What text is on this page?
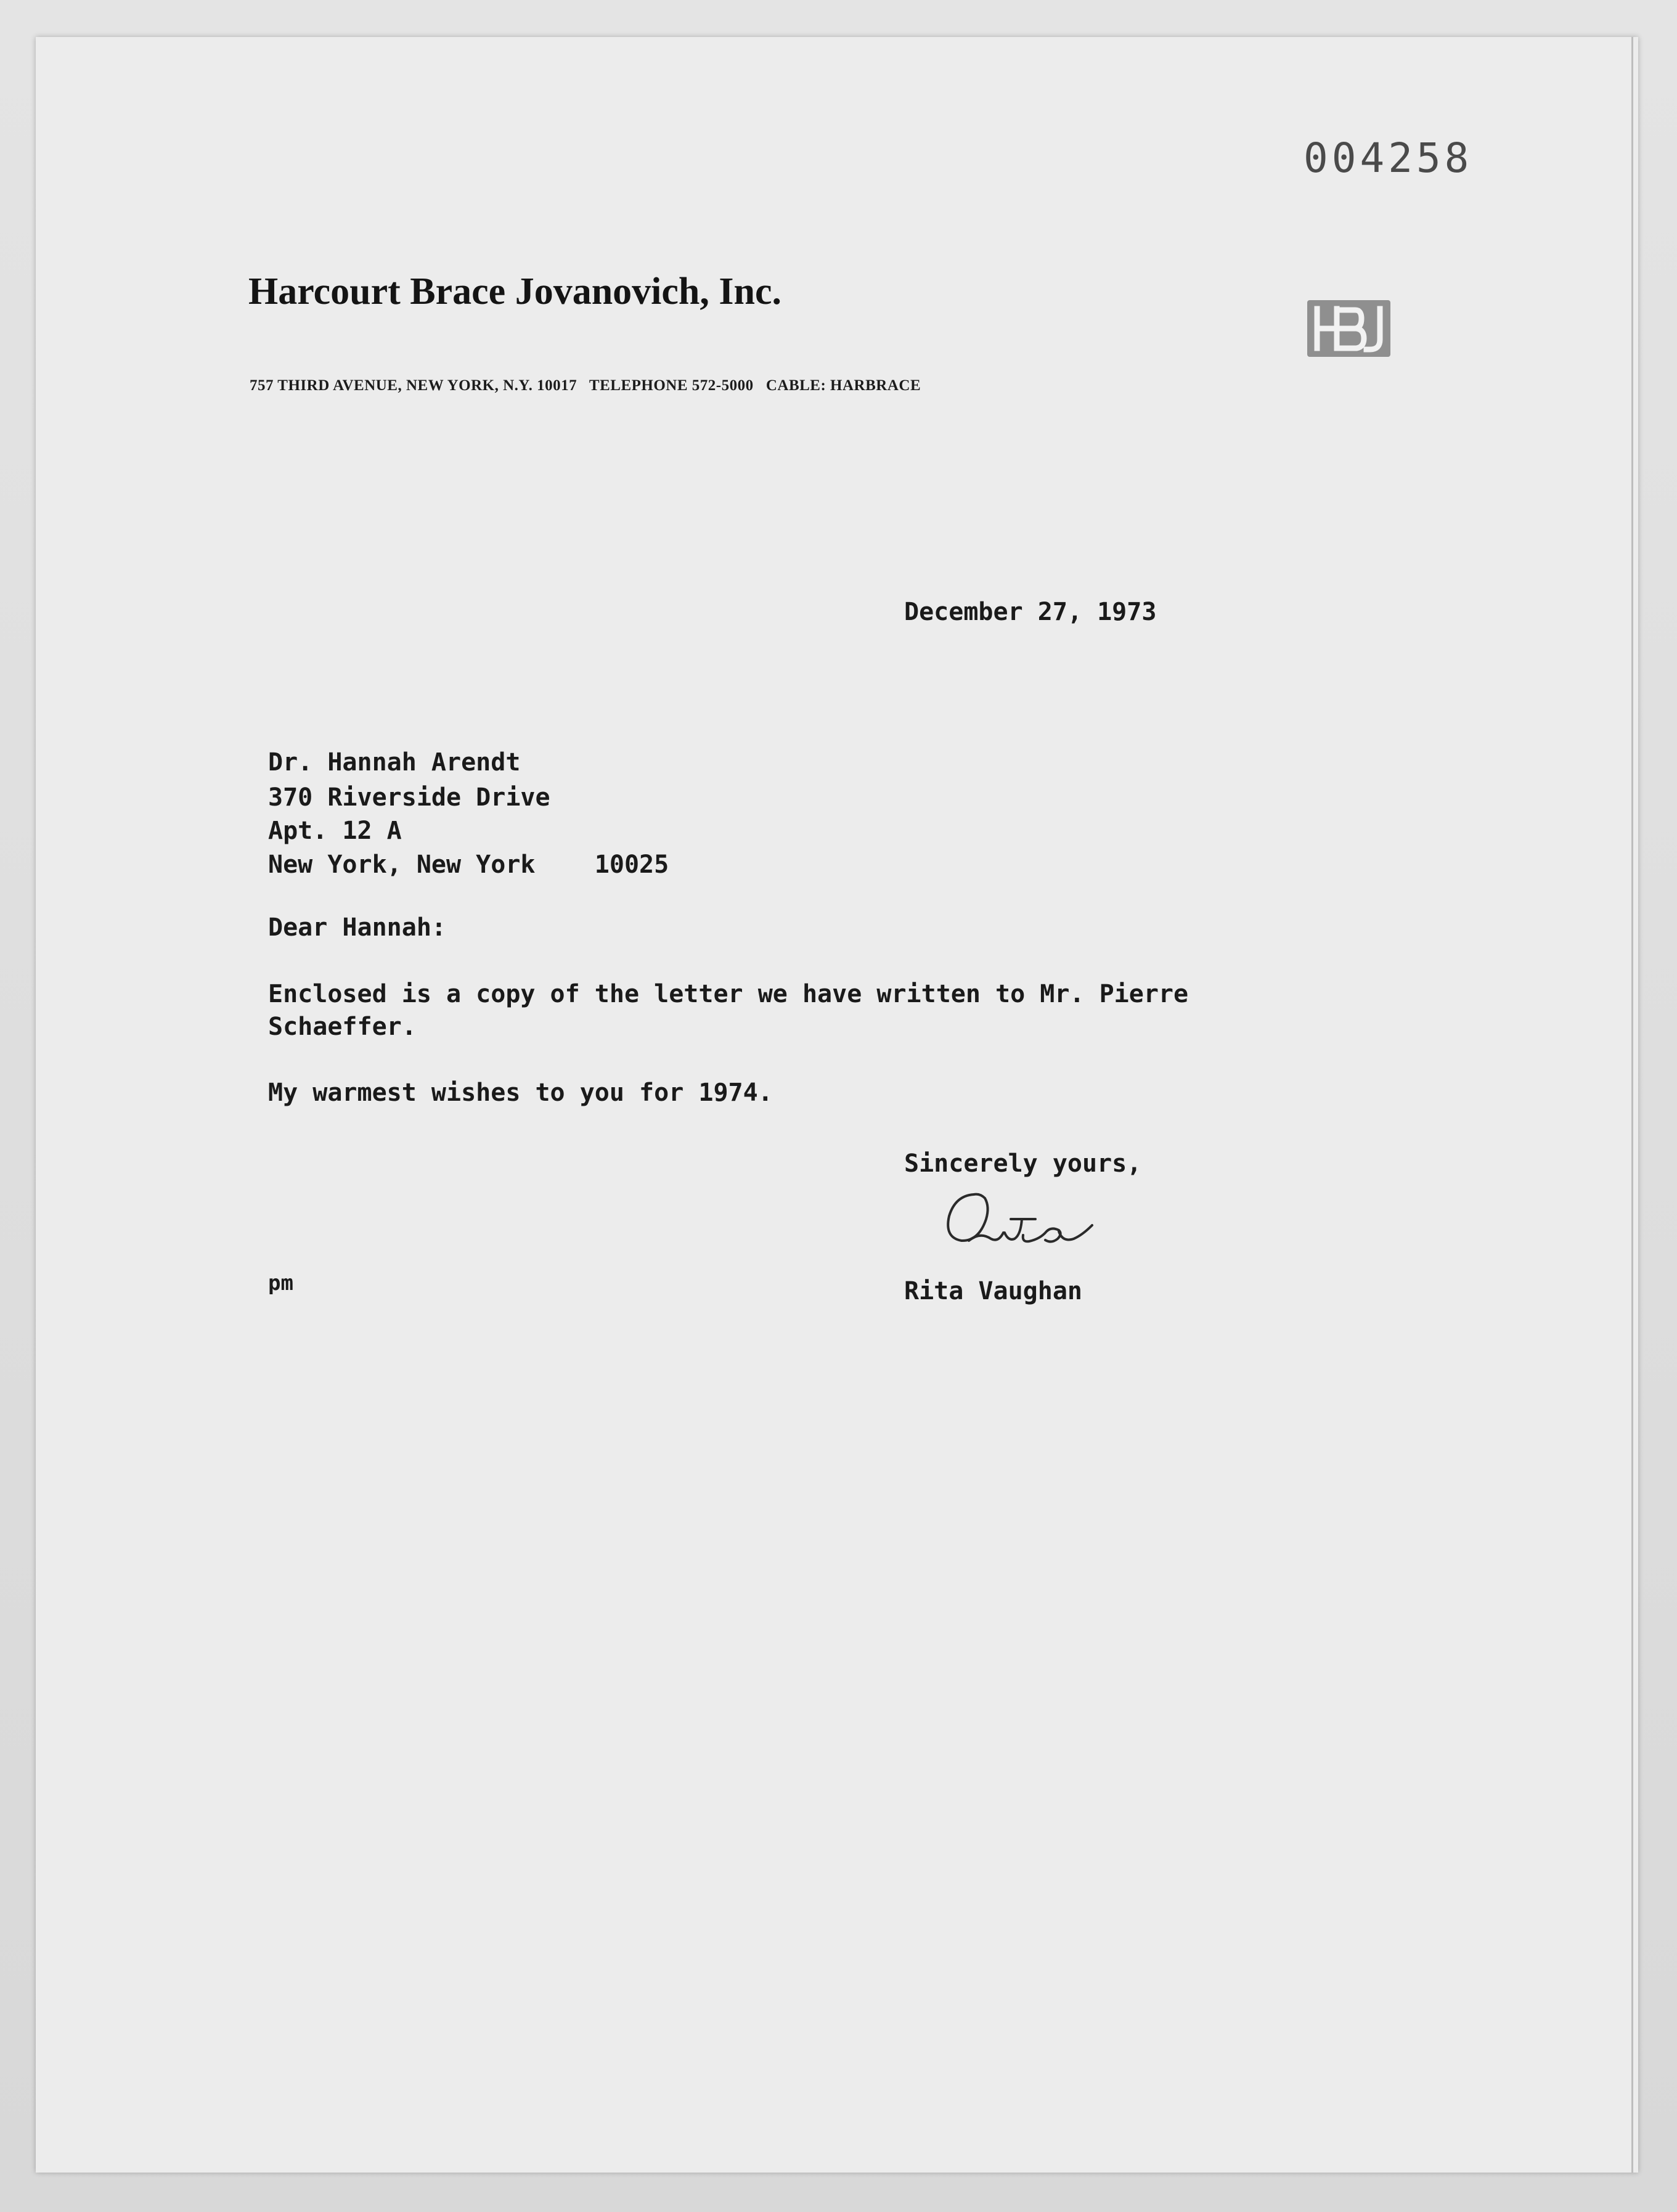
004258
Harcourt Brace Jovanovich, Inc.
757 THIRD AVENUE, NEW YORK, N.Y. 10017   TELEPHONE 572-5000   CABLE: HARBRACE
December 27, 1973
Dr. Hannah Arendt
370 Riverside Drive
Apt. 12 A
New York, New York    10025
Dear Hannah:
Enclosed is a copy of the letter we have written to Mr. Pierre
Schaeffer.
My warmest wishes to you for 1974.
Sincerely yours,
pm	Rita Vaughan
